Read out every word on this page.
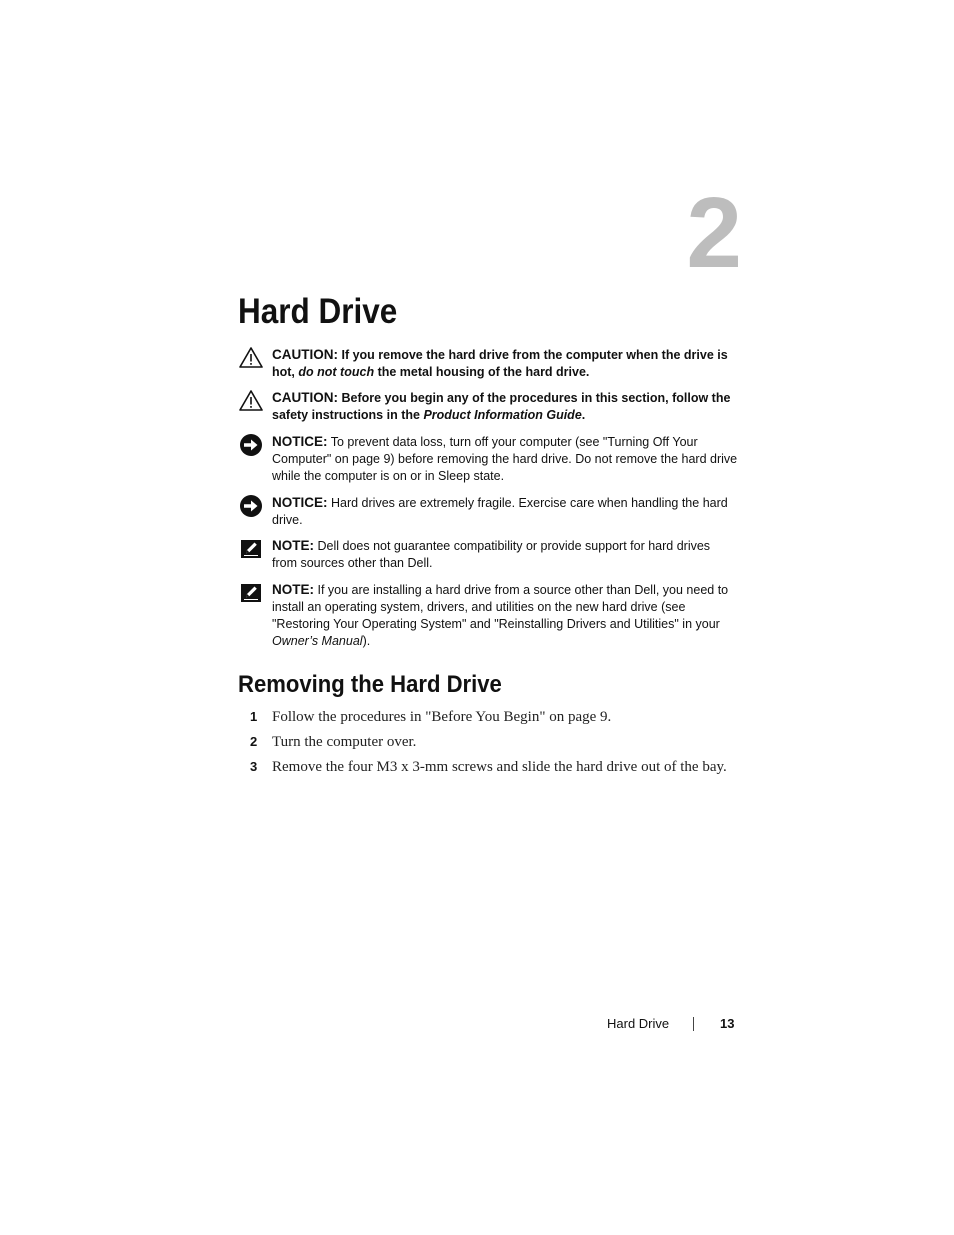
2
Hard Drive
CAUTION: If you remove the hard drive from the computer when the drive is hot, do not touch the metal housing of the hard drive.
CAUTION: Before you begin any of the procedures in this section, follow the safety instructions in the Product Information Guide.
NOTICE: To prevent data loss, turn off your computer (see "Turning Off Your Computer" on page 9) before removing the hard drive. Do not remove the hard drive while the computer is on or in Sleep state.
NOTICE: Hard drives are extremely fragile. Exercise care when handling the hard drive.
NOTE: Dell does not guarantee compatibility or provide support for hard drives from sources other than Dell.
NOTE: If you are installing a hard drive from a source other than Dell, you need to install an operating system, drivers, and utilities on the new hard drive (see "Restoring Your Operating System" and "Reinstalling Drivers and Utilities" in your Owner’s Manual).
Removing the Hard Drive
1 Follow the procedures in "Before You Begin" on page 9.
2 Turn the computer over.
3 Remove the four M3 x 3-mm screws and slide the hard drive out of the bay.
Hard Drive	13
